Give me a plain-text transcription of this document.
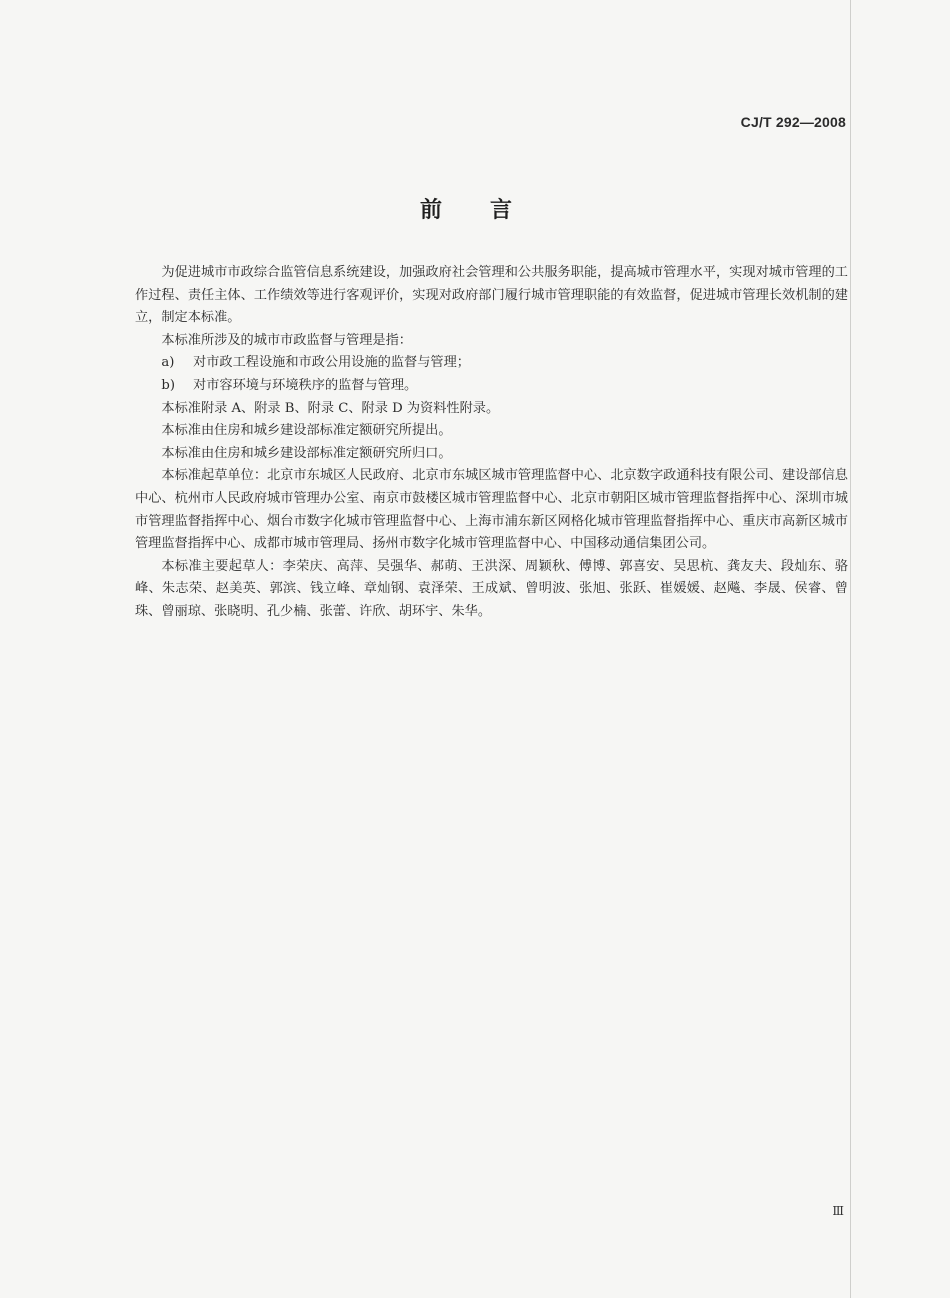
CJ/T 292—2008
前言

为促进城市市政综合监管信息系统建设，加强政府社会管理和公共服务职能，提高城市管理水平，实现对城市管理的工作过程、责任主体、工作绩效等进行客观评价，实现对政府部门履行城市管理职能的有效监督，促进城市管理长效机制的建立，制定本标准。

本标准所涉及的城市市政监督与管理是指：

a) 对市政工程设施和市政公用设施的监督与管理；

b) 对市容环境与环境秩序的监督与管理。

本标准附录 A、附录 B、附录 C、附录 D 为资料性附录。

本标准由住房和城乡建设部标准定额研究所提出。

本标准由住房和城乡建设部标准定额研究所归口。

本标准起草单位：北京市东城区人民政府、北京市东城区城市管理监督中心、北京数字政通科技有限公司、建设部信息中心、杭州市人民政府城市管理办公室、南京市鼓楼区城市管理监督中心、北京市朝阳区城市管理监督指挥中心、深圳市城市管理监督指挥中心、烟台市数字化城市管理监督中心、上海市浦东新区网格化城市管理监督指挥中心、重庆市高新区城市管理监督指挥中心、成都市城市管理局、扬州市数字化城市管理监督中心、中国移动通信集团公司。

本标准主要起草人：李荣庆、高萍、吴强华、郝萌、王洪深、周颖秋、傅博、郭喜安、吴思杭、龚友夫、段灿东、骆峰、朱志荣、赵美英、郭滨、钱立峰、章灿钢、袁泽荣、王成斌、曾明波、张旭、张跃、崔媛媛、赵飚、李晟、侯睿、曾珠、曾丽琼、张晓明、孔少楠、张蕾、许欣、胡环宇、朱华。

Ⅲ
